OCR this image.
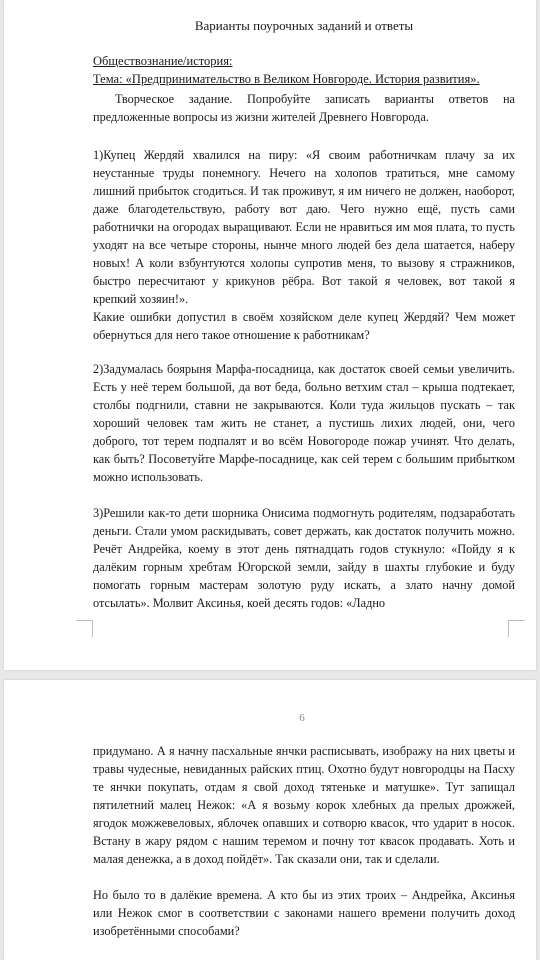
Варианты поурочных заданий и ответы
Обществознание/история:
Тема: «Предпринимательство в Великом Новгороде. История развития».

Творческое задание. Попробуйте записать варианты ответов на предложенные вопросы из жизни жителей Древнего Новгорода.

1)Купец Жердяй хвалился на пиру: «Я своим работничкам плачу за их неустанные труды понемногу. Нечего на холопов тратиться, мне самому лишний прибыток сгодиться. И так проживут, я им ничего не должен, наоборот, даже благодетельствую, работу вот даю. Чего нужно ещё, пусть сами работнички на огородах выращивают. Если не нравиться им моя плата, то пусть уходят на все четыре стороны, нынче много людей без дела шатается, наберу новых! А коли взбунтуются холопы супротив меня, то вызову я стражников, быстро пересчитают у крикунов рёбра. Вот такой я человек, вот такой я крепкий хозяин!».

Какие ошибки допустил в своём хозяйском деле купец Жердяй? Чем может обернуться для него такое отношение к работникам?

2)Задумалась боярыня Марфа-посадница, как достаток своей семьи увеличить. Есть у неё терем большой, да вот беда, больно ветхим стал – крыша подтекает, столбы подгнили, ставни не закрываются. Коли туда жильцов пускать – так хороший человек там жить не станет, а пустишь лихих людей, они, чего доброго, тот терем подпалят и во всём Новогороде пожар учинят. Что делать, как быть? Посоветуйте Марфе-посаднице, как сей терем с большим прибытком можно использовать.

3)Решили как-то дети шорника Онисима подмогнуть родителям, подзаработать деньги. Стали умом раскидывать, совет держать, как достаток получить можно. Речёт Андрейка, коему в этот день пятнадцать годов стукнуло: «Пойду я к далёким горным хребтам Югорской земли, зайду в шахты глубокие и буду помогать горным мастерам золотую руду искать, а злато начну домой отсылать». Молвит Аксинья, коей десять годов: «Ладно

6

придумано. А я начну пасхальные янчки расписывать, изображу на них цветы и травы чудесные, невиданных райских птиц. Охотно будут новгородцы на Пасху те янчки покупать, отдам я свой доход тятеньке и матушке». Тут запищал пятилетний малец Нежок: «А я возьму корок хлебных да прелых дрожжей, ягодок можжевеловых, яблочек опавших и сотворю квасок, что ударит в носок. Встану в жару рядом с нашим теремом и почну тот квасок продавать. Хоть и малая денежка, а в доход пойдёт». Так сказали они, так и сделали.

Но было то в далёкие времена. А кто бы из этих троих – Андрейка, Аксинья или Нежок смог в соответствии с законами нашего времени получить доход изобретёнными способами?
